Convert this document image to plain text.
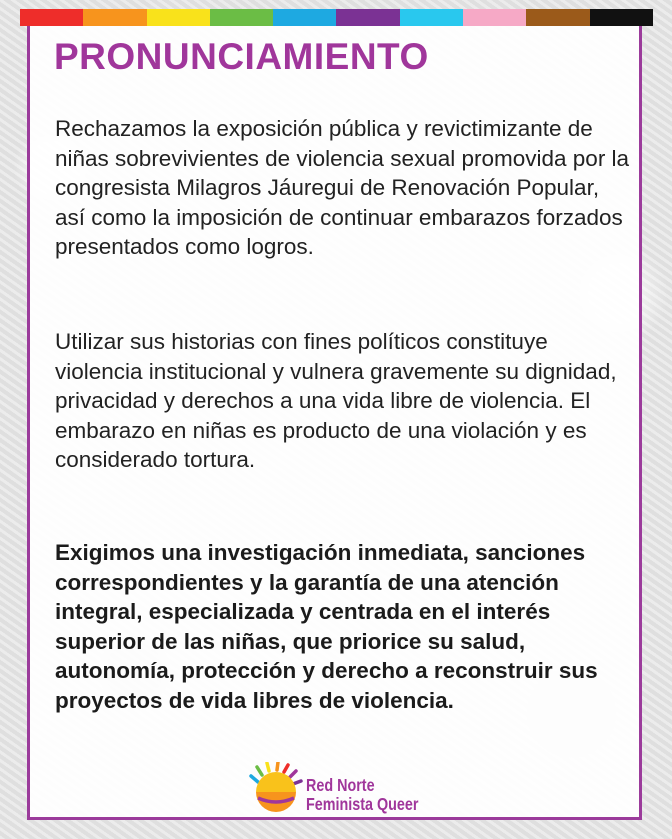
PRONUNCIAMIENTO

Rechazamos la exposición pública y revictimizante de niñas sobrevivientes de violencia sexual promovida por la congresista Milagros Jáuregui de Renovación Popular, así como la imposición de continuar embarazos forzados presentados como logros.

Utilizar sus historias con fines políticos constituye violencia institucional y vulnera gravemente su dignidad, privacidad y derechos a una vida libre de violencia. El embarazo en niñas es producto de una violación y es considerado tortura.

Exigimos una investigación inmediata, sanciones correspondientes y la garantía de una atención integral, especializada y centrada en el interés superior de las niñas, que priorice su salud, autonomía, protección y derecho a reconstruir sus proyectos de vida libres de violencia.

Red Norte
Feminista Queer
